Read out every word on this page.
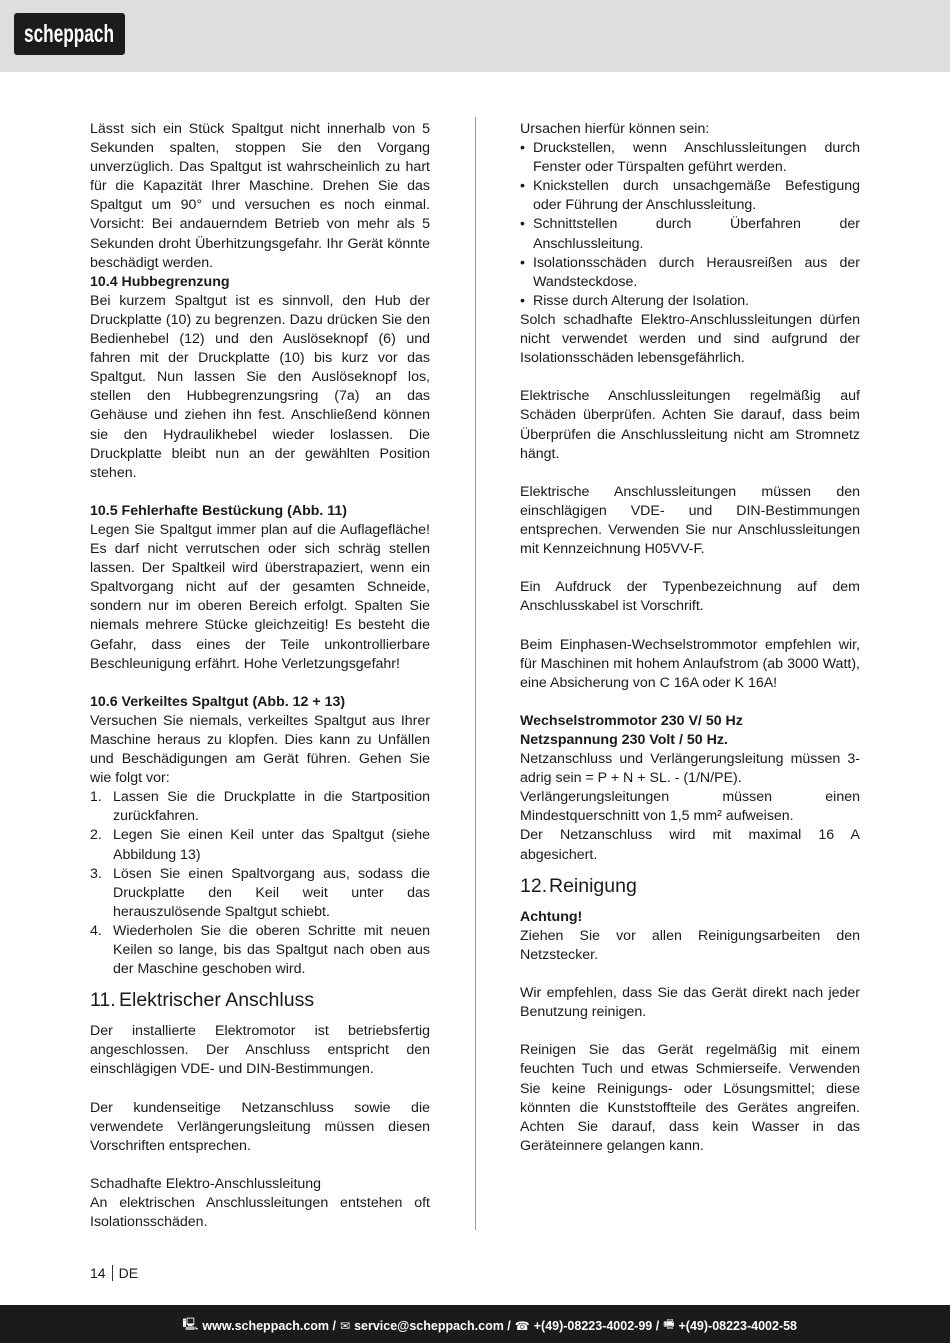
scheppach

Lässt sich ein Stück Spaltgut nicht innerhalb von 5 Sekunden spalten, stoppen Sie den Vorgang unverzüglich. Das Spaltgut ist wahrscheinlich zu hart für die Kapazität Ihrer Maschine. Drehen Sie das Spaltgut um 90° und versuchen es noch einmal. Vorsicht: Bei andauerndem Betrieb von mehr als 5 Sekunden droht Überhitzungsgefahr. Ihr Gerät könnte beschädigt werden.

10.4 Hubbegrenzung

Bei kurzem Spaltgut ist es sinnvoll, den Hub der Druckplatte (10) zu begrenzen. Dazu drücken Sie den Bedienhebel (12) und den Auslöseknopf (6) und fahren mit der Druckplatte (10) bis kurz vor das Spaltgut. Nun lassen Sie den Auslöseknopf los, stellen den Hubbegrenzungsring (7a) an das Gehäuse und ziehen ihn fest. Anschließend können sie den Hydraulikhebel wieder loslassen. Die Druckplatte bleibt nun an der gewählten Position stehen.

10.5 Fehlerhafte Bestückung (Abb. 11)

Legen Sie Spaltgut immer plan auf die Auflagefläche! Es darf nicht verrutschen oder sich schräg stellen lassen. Der Spaltkeil wird überstrapaziert, wenn ein Spaltvorgang nicht auf der gesamten Schneide, sondern nur im oberen Bereich erfolgt. Spalten Sie niemals mehrere Stücke gleichzeitig! Es besteht die Gefahr, dass eines der Teile unkontrollierbare Beschleunigung erfährt. Hohe Verletzungsgefahr!

10.6 Verkeiltes Spaltgut (Abb. 12 + 13)

Versuchen Sie niemals, verkeiltes Spaltgut aus Ihrer Maschine heraus zu klopfen. Dies kann zu Unfällen und Beschädigungen am Gerät führen. Gehen Sie wie folgt vor:

1. Lassen Sie die Druckplatte in die Startposition zurückfahren.
2. Legen Sie einen Keil unter das Spaltgut (siehe Abbildung 13)
3. Lösen Sie einen Spaltvorgang aus, sodass die Druckplatte den Keil weit unter das herauszulösende Spaltgut schiebt.
4. Wiederholen Sie die oberen Schritte mit neuen Keilen so lange, bis das Spaltgut nach oben aus der Maschine geschoben wird.
11. Elektrischer Anschluss

Der installierte Elektromotor ist betriebsfertig angeschlossen. Der Anschluss entspricht den einschlägigen VDE- und DIN-Bestimmungen.

Der kundenseitige Netzanschluss sowie die verwendete Verlängerungsleitung müssen diesen Vorschriften entsprechen.

Schadhafte Elektro-Anschlussleitung

An elektrischen Anschlussleitungen entstehen oft Isolationsschäden.

Ursachen hierfür können sein:

• Druckstellen, wenn Anschlussleitungen durch Fenster oder Türspalten geführt werden.
• Knickstellen durch unsachgemäße Befestigung oder Führung der Anschlussleitung.
• Schnittstellen durch Überfahren der Anschlussleitung.
• Isolationsschäden durch Herausreißen aus der Wandsteckdose.
• Risse durch Alterung der Isolation.

Solch schadhafte Elektro-Anschlussleitungen dürfen nicht verwendet werden und sind aufgrund der Isolationsschäden lebensgefährlich.

Elektrische Anschlussleitungen regelmäßig auf Schäden überprüfen. Achten Sie darauf, dass beim Überprüfen die Anschlussleitung nicht am Stromnetz hängt.

Elektrische Anschlussleitungen müssen den einschlägigen VDE- und DIN-Bestimmungen entsprechen. Verwenden Sie nur Anschlussleitungen mit Kennzeichnung H05VV-F.

Ein Aufdruck der Typenbezeichnung auf dem Anschlusskabel ist Vorschrift.

Beim Einphasen-Wechselstrommotor empfehlen wir, für Maschinen mit hohem Anlaufstrom (ab 3000 Watt), eine Absicherung von C 16A oder K 16A!

Wechselstrommotor 230 V/ 50 Hz

Netzspannung 230 Volt / 50 Hz.

Netzanschluss und Verlängerungsleitung müssen 3-adrig sein = P + N + SL. - (1/N/PE).

Verlängerungsleitungen müssen einen Mindestquerschnitt von 1,5 mm² aufweisen.

Der Netzanschluss wird mit maximal 16 A abgesichert.

12. Reinigung

Achtung!

Ziehen Sie vor allen Reinigungsarbeiten den Netzstecker.

Wir empfehlen, dass Sie das Gerät direkt nach jeder Benutzung reinigen.

Reinigen Sie das Gerät regelmäßig mit einem feuchten Tuch und etwas Schmierseife. Verwenden Sie keine Reinigungs- oder Lösungsmittel; diese könnten die Kunststoffteile des Gerätes angreifen. Achten Sie darauf, dass kein Wasser in das Geräteinnere gelangen kann.

14 DE
🖳 www.scheppach.com / ✉ service@scheppach.com / ☎ +(49)-08223-4002-99 / 🖷 +(49)-08223-4002-58
